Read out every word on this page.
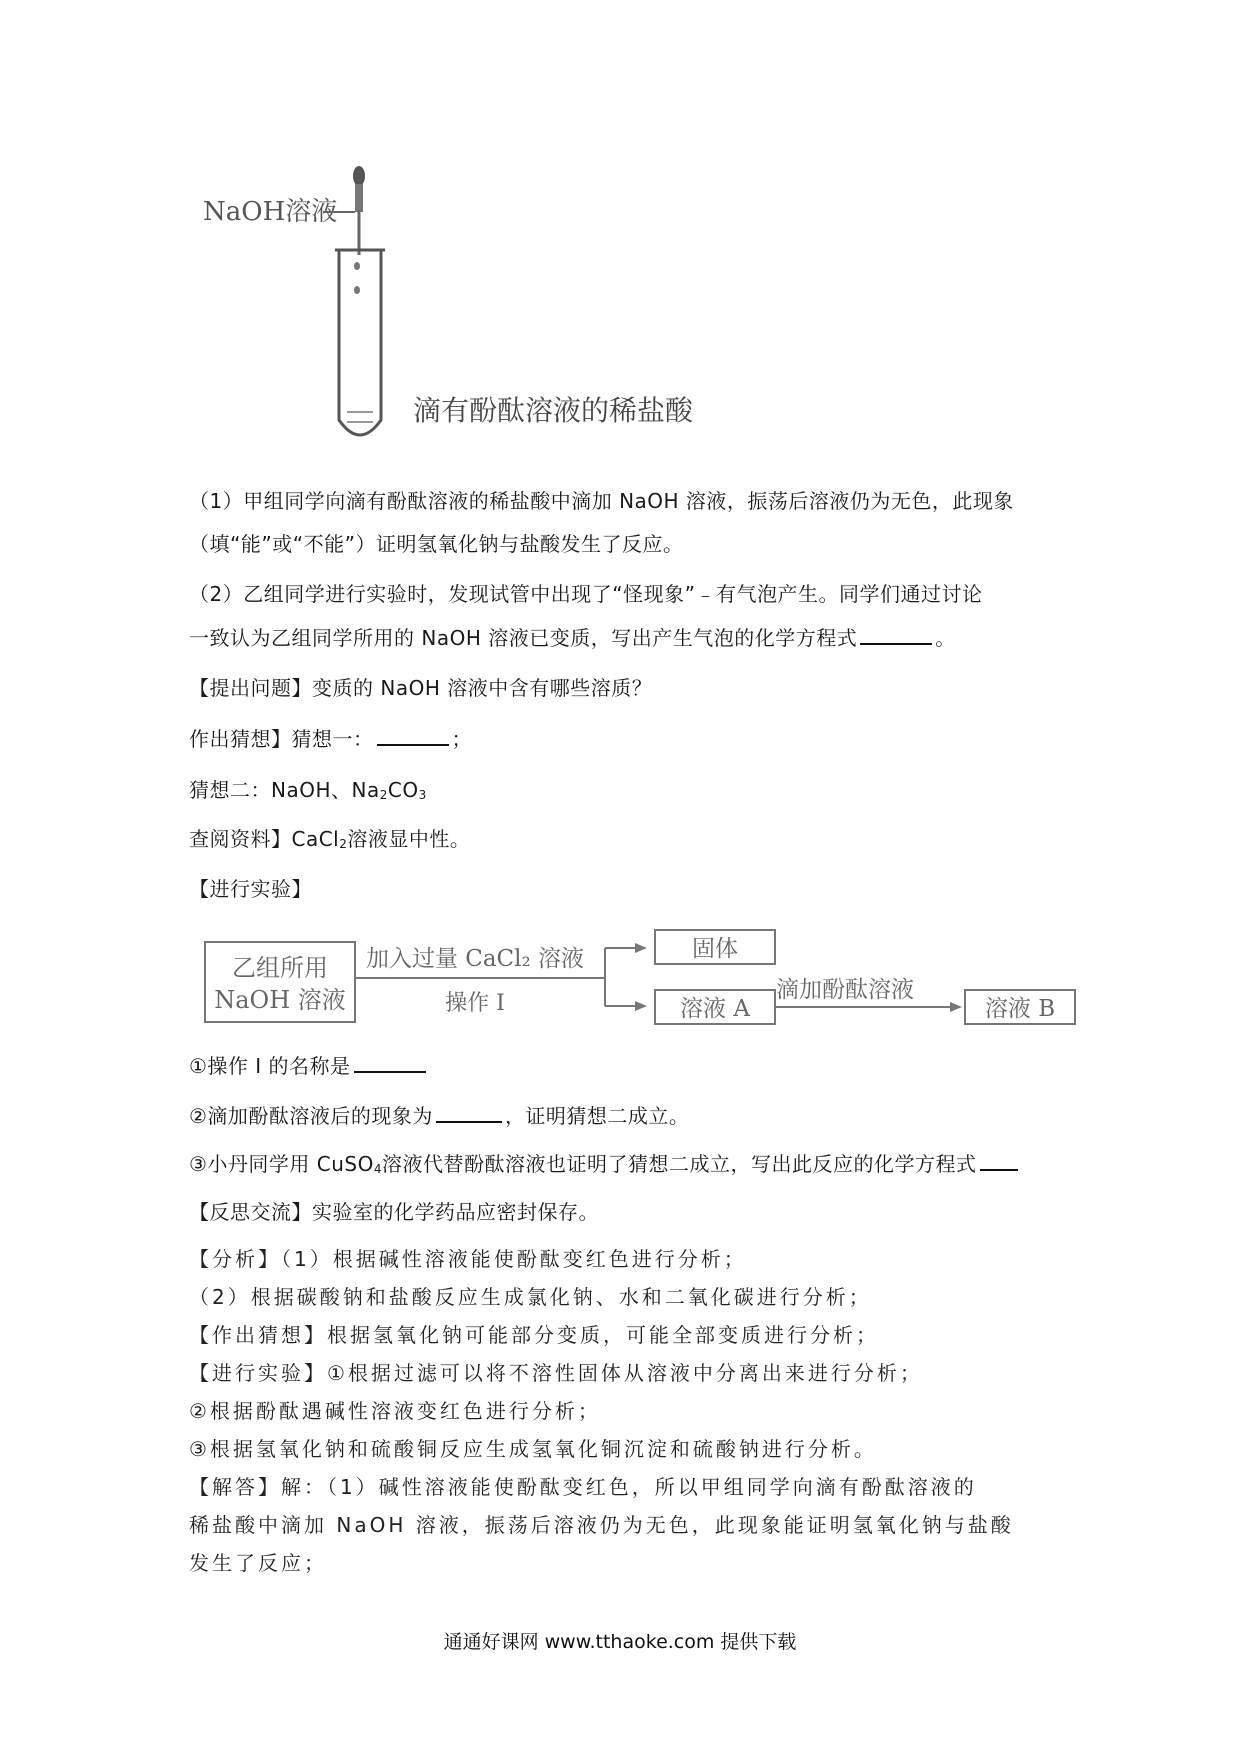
NaOH溶液
滴有酚酞溶液的稀盐酸
（1）甲组同学向滴有酚酞溶液的稀盐酸中滴加 NaOH 溶液，振荡后溶液仍为无色，此现象
（填“能”或“不能”）证明氢氧化钠与盐酸发生了反应。
（2）乙组同学进行实验时，发现试管中出现了“怪现象”﹣有气泡产生。同学们通过讨论
一致认为乙组同学所用的 NaOH 溶液已变质，写出产生气泡的化学方程式	。
【提出问题】变质的 NaOH 溶液中含有哪些溶质？
作出猜想】猜想一：	；
猜想二：NaOH、$Na_2CO_3$
查阅资料】CaCl$_2$溶液显中性。
【进行实验】
乙组所用
NaOH 溶液
加入过量 CaCl₂ 溶液
操作 I
固体
溶液 A
滴加酚酞溶液
溶液 B
①操作 I 的名称是
②滴加酚酞溶液后的现象为	，证明猜想二成立。
③小丹同学用 CuSO$_4$溶液代替酚酞溶液也证明了猜想二成立，写出此反应的化学方程式
【反思交流】实验室的化学药品应密封保存。
【分析】（1）根据碱性溶液能使酚酞变红色进行分析；
（2）根据碳酸钠和盐酸反应生成氯化钠、水和二氧化碳进行分析；
【作出猜想】根据氢氧化钠可能部分变质，可能全部变质进行分析；
【进行实验】①根据过滤可以将不溶性固体从溶液中分离出来进行分析；
②根据酚酞遇碱性溶液变红色进行分析；
③根据氢氧化钠和硫酸铜反应生成氢氧化铜沉淀和硫酸钠进行分析。
【解答】解：（1）碱性溶液能使酚酞变红色，所以甲组同学向滴有酚酞溶液的
稀盐酸中滴加 NaOH 溶液，振荡后溶液仍为无色，此现象能证明氢氧化钠与盐酸
发生了反应；
通通好课网 www.tthaoke.com 提供下载
